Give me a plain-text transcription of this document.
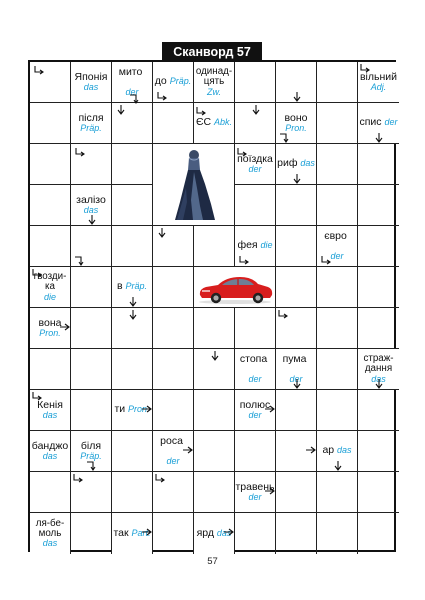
Сканворд 57
Японія
das
мито
der
до Präp.
одинад-
цять
Zw.
вільний
Adj.
після
Präp.	ЄС Abk.	воно
Pron.	спис der
поїздка
der риф das
залізо
das
фея die
євро
der
гвозди-
ка
die
в Präp.
вона
Pron.
стопа
der
пума
der
страж-
дання
das
Кенія
das	ти Pron.	полюс
der
банджо
das
біля
Präp.
роса
der
ар das
травень
der
ля-бе-
моль
das
так Part.	ярд das
57
